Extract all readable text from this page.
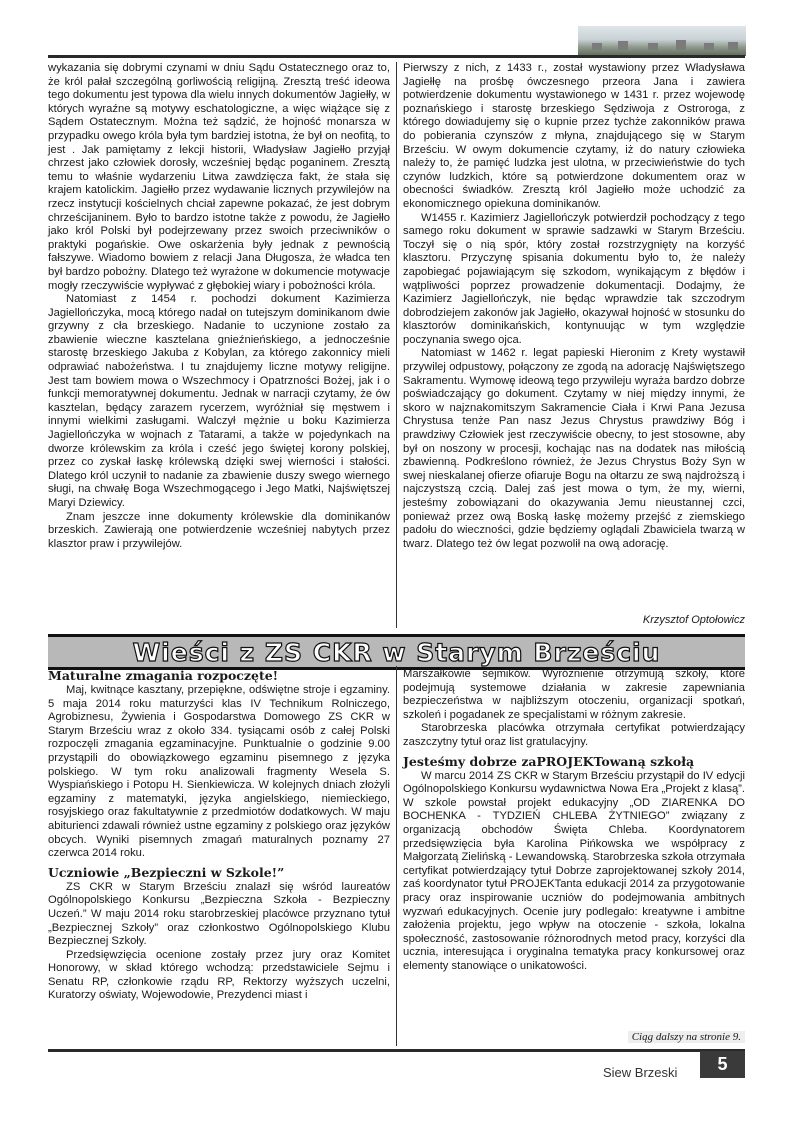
wykazania się dobrymi czynami w dniu Sądu Ostatecznego oraz to, że król pałał szczególną gorliwością religijną. Zresztą treść ideowa tego dokumentu jest typowa dla wielu innych dokumentów Jagiełły, w których wyraźne są motywy eschatologiczne, a więc wiążące się z Sądem Ostatecznym. Można też sądzić, że hojność monarsza w przypadku owego króla była tym bardziej istotna, że był on neofitą, to jest . Jak pamiętamy z lekcji historii, Władysław Jagiełło przyjął chrzest jako człowiek dorosły, wcześniej będąc poganinem. Zresztą temu to właśnie wydarzeniu Litwa zawdzięcza fakt, że stała się krajem katolickim. Jagiełło przez wydawanie licznych przywilejów na rzecz instytucji kościelnych chciał zapewne pokazać, że jest dobrym chrześcijaninem. Było to bardzo istotne także z powodu, że Jagiełło jako król Polski był podejrzewany przez swoich przeciwników o praktyki pogańskie. Owe oskarżenia były jednak z pewnością fałszywe. Wiadomo bowiem z relacji Jana Długosza, że władca ten był bardzo pobożny. Dlatego też wyrażone w dokumencie motywacje mogły rzeczywiście wypływać z głębokiej wiary i pobożności króla.

Natomiast z 1454 r. pochodzi dokument Kazimierza Jagiellończyka, mocą którego nadał on tutejszym dominikanom dwie grzywny z cła brzeskiego. Nadanie to uczynione zostało za zbawienie wieczne kasztelana gnieźnieńskiego, a jednocześnie starostę brzeskiego Jakuba z Kobylan, za którego zakonnicy mieli odprawiać nabożeństwa. I tu znajdujemy liczne motywy religijne. Jest tam bowiem mowa o Wszechmocy i Opatrzności Bożej, jak i o funkcji memoratywnej dokumentu. Jednak w narracji czytamy, że ów kasztelan, będący zarazem rycerzem, wyróżniał się męstwem i innymi wielkimi zasługami. Walczył mężnie u boku Kazimierza Jagiellończyka w wojnach z Tatarami, a także w pojedynkach na dworze królewskim za króla i cześć jego świętej korony polskiej, przez co zyskał łaskę królewską dzięki swej wierności i stałości. Dlatego król uczynił to nadanie za zbawienie duszy swego wiernego sługi, na chwałę Boga Wszechmogącego i Jego Matki, Najświętszej Maryi Dziewicy.

Znam jeszcze inne dokumenty królewskie dla dominikanów brzeskich. Zawierają one potwierdzenie wcześniej nabytych przez klasztor praw i przywilejów.

Pierwszy z nich, z 1433 r., został wystawiony przez Władysława Jagiełłę na prośbę ówczesnego przeora Jana i zawiera potwierdzenie dokumentu wystawionego w 1431 r. przez wojewodę poznańskiego i starostę brzeskiego Sędziwoja z Ostroroga, z którego dowiadujemy się o kupnie przez tychże zakonników prawa do pobierania czynszów z młyna, znajdującego się w Starym Brześciu. W owym dokumencie czytamy, iż do natury człowieka należy to, że pamięć ludzka jest ulotna, w przeciwieństwie do tych czynów ludzkich, które są potwierdzone dokumentem oraz w obecności świadków. Zresztą król Jagiełło może uchodzić za ekonomicznego opiekuna dominikanów.

W1455 r. Kazimierz Jagiellończyk potwierdził pochodzący z tego samego roku dokument w sprawie sadzawki w Starym Brześciu. Toczył się o nią spór, który został rozstrzygnięty na korzyść klasztoru. Przyczynę spisania dokumentu było to, że należy zapobiegać pojawiającym się szkodom, wynikającym z błędów i wątpliwości poprzez prowadzenie dokumentacji. Dodajmy, że Kazimierz Jagiellończyk, nie będąc wprawdzie tak szczodrym dobrodziejem zakonów jak Jagiełło, okazywał hojność w stosunku do klasztorów dominikańskich, kontynuując w tym względzie poczynania swego ojca.

Natomiast w 1462 r. legat papieski Hieronim z Krety wystawił przywilej odpustowy, połączony ze zgodą na adorację Najświętszego Sakramentu. Wymowę ideową tego przywileju wyraża bardzo dobrze poświadczający go dokument. Czytamy w niej między innymi, że skoro w najznakomitszym Sakramencie Ciała i Krwi Pana Jezusa Chrystusa tenże Pan nasz Jezus Chrystus prawdziwy Bóg i prawdziwy Człowiek jest rzeczywiście obecny, to jest stosowne, aby był on noszony w procesji, kochając nas na dodatek nas miłością zbawienną. Podkreślono również, że Jezus Chrystus Boży Syn w swej nieskalanej ofierze ofiaruje Bogu na ołtarzu ze swą najdroższą i najczystszą czcią. Dalej zaś jest mowa o tym, że my, wierni, jesteśmy zobowiązani do okazywania Jemu nieustannej czci, ponieważ przez ową Boską łaskę możemy przejść z ziemskiego padołu do wieczności, gdzie będziemy oglądali Zbawiciela twarzą w twarz. Dlatego też ów legat pozwolił na ową adorację.

Krzysztof Optołowicz
Wieści z ZS CKR w Starym Brześciu
Maturalne zmagania rozpoczęte!

Maj, kwitnące kasztany, przepiękne, odświętne stroje i egzaminy. 5 maja 2014 roku maturzyści klas IV Technikum Rolniczego, Agrobiznesu, Żywienia i Gospodarstwa Domowego ZS CKR w Starym Brześciu wraz z około 334. tysiącami osób z całej Polski rozpoczęli zmagania egzaminacyjne. Punktualnie o godzinie 9.00 przystąpili do obowiązkowego egzaminu pisemnego z języka polskiego. W tym roku analizowali fragmenty Wesela S. Wyspiańskiego i Potopu H. Sienkiewicza. W kolejnych dniach złożyli egzaminy z matematyki, języka angielskiego, niemieckiego, rosyjskiego oraz fakultatywnie z przedmiotów dodatkowych. W maju abiturienci zdawali również ustne egzaminy z polskiego oraz języków obcych. Wyniki pisemnych zmagań maturalnych poznamy 27 czerwca 2014 roku.

Uczniowie „Bezpieczni w Szkole!”

ZS CKR w Starym Brześciu znalazł się wśród laureatów Ogólnopolskiego Konkursu „Bezpieczna Szkoła - Bezpieczny Uczeń.” W maju 2014 roku starobrzeskiej placówce przyznano tytuł „Bezpiecznej Szkoły” oraz członkostwo Ogólnopolskiego Klubu Bezpiecznej Szkoły.

Przedsięwzięcia ocenione zostały przez jury oraz Komitet Honorowy, w skład którego wchodzą: przedstawiciele Sejmu i Senatu RP, członkowie rządu RP, Rektorzy wyższych uczelni, Kuratorzy oświaty, Wojewodowie, Prezydenci miast i

Marszałkowie sejmików. Wyróżnienie otrzymują szkoły, które podejmują systemowe działania w zakresie zapewniania bezpieczeństwa w najbliższym otoczeniu, organizacji spotkań, szkoleń i pogadanek ze specjalistami w różnym zakresie.

Starobrzeska placówka otrzymała certyfikat potwierdzający zaszczytny tytuł oraz list gratulacyjny.

Jesteśmy dobrze zaPROJEKTowaną szkołą

W marcu 2014 ZS CKR w Starym Brześciu przystąpił do IV edycji Ogólnopolskiego Konkursu wydawnictwa Nowa Era „Projekt z klasą”. W szkole powstał projekt edukacyjny „OD ZIARENKA DO BOCHENKA - TYDZIEŃ CHLEBA ŻYTNIEGO” związany z organizacją obchodów Święta Chleba. Koordynatorem przedsięwzięcia była Karolina Pińkowska we współpracy z Małgorzatą Zielińską - Lewandowską. Starobrzeska szkoła otrzymała certyfikat potwierdzający tytuł Dobrze zaprojektowanej szkoły 2014, zaś koordynator tytuł PROJEKTanta edukacji 2014 za przygotowanie pracy oraz inspirowanie uczniów do podejmowania ambitnych wyzwań edukacyjnych. Ocenie jury podlegało: kreatywne i ambitne założenia projektu, jego wpływ na otoczenie - szkoła, lokalna społeczność, zastosowanie różnorodnych metod pracy, korzyści dla ucznia, interesująca i oryginalna tematyka pracy konkursowej oraz elementy stanowiące o unikatowości.

Ciąg dalszy na stronie 9.
Siew Brzeski	5
